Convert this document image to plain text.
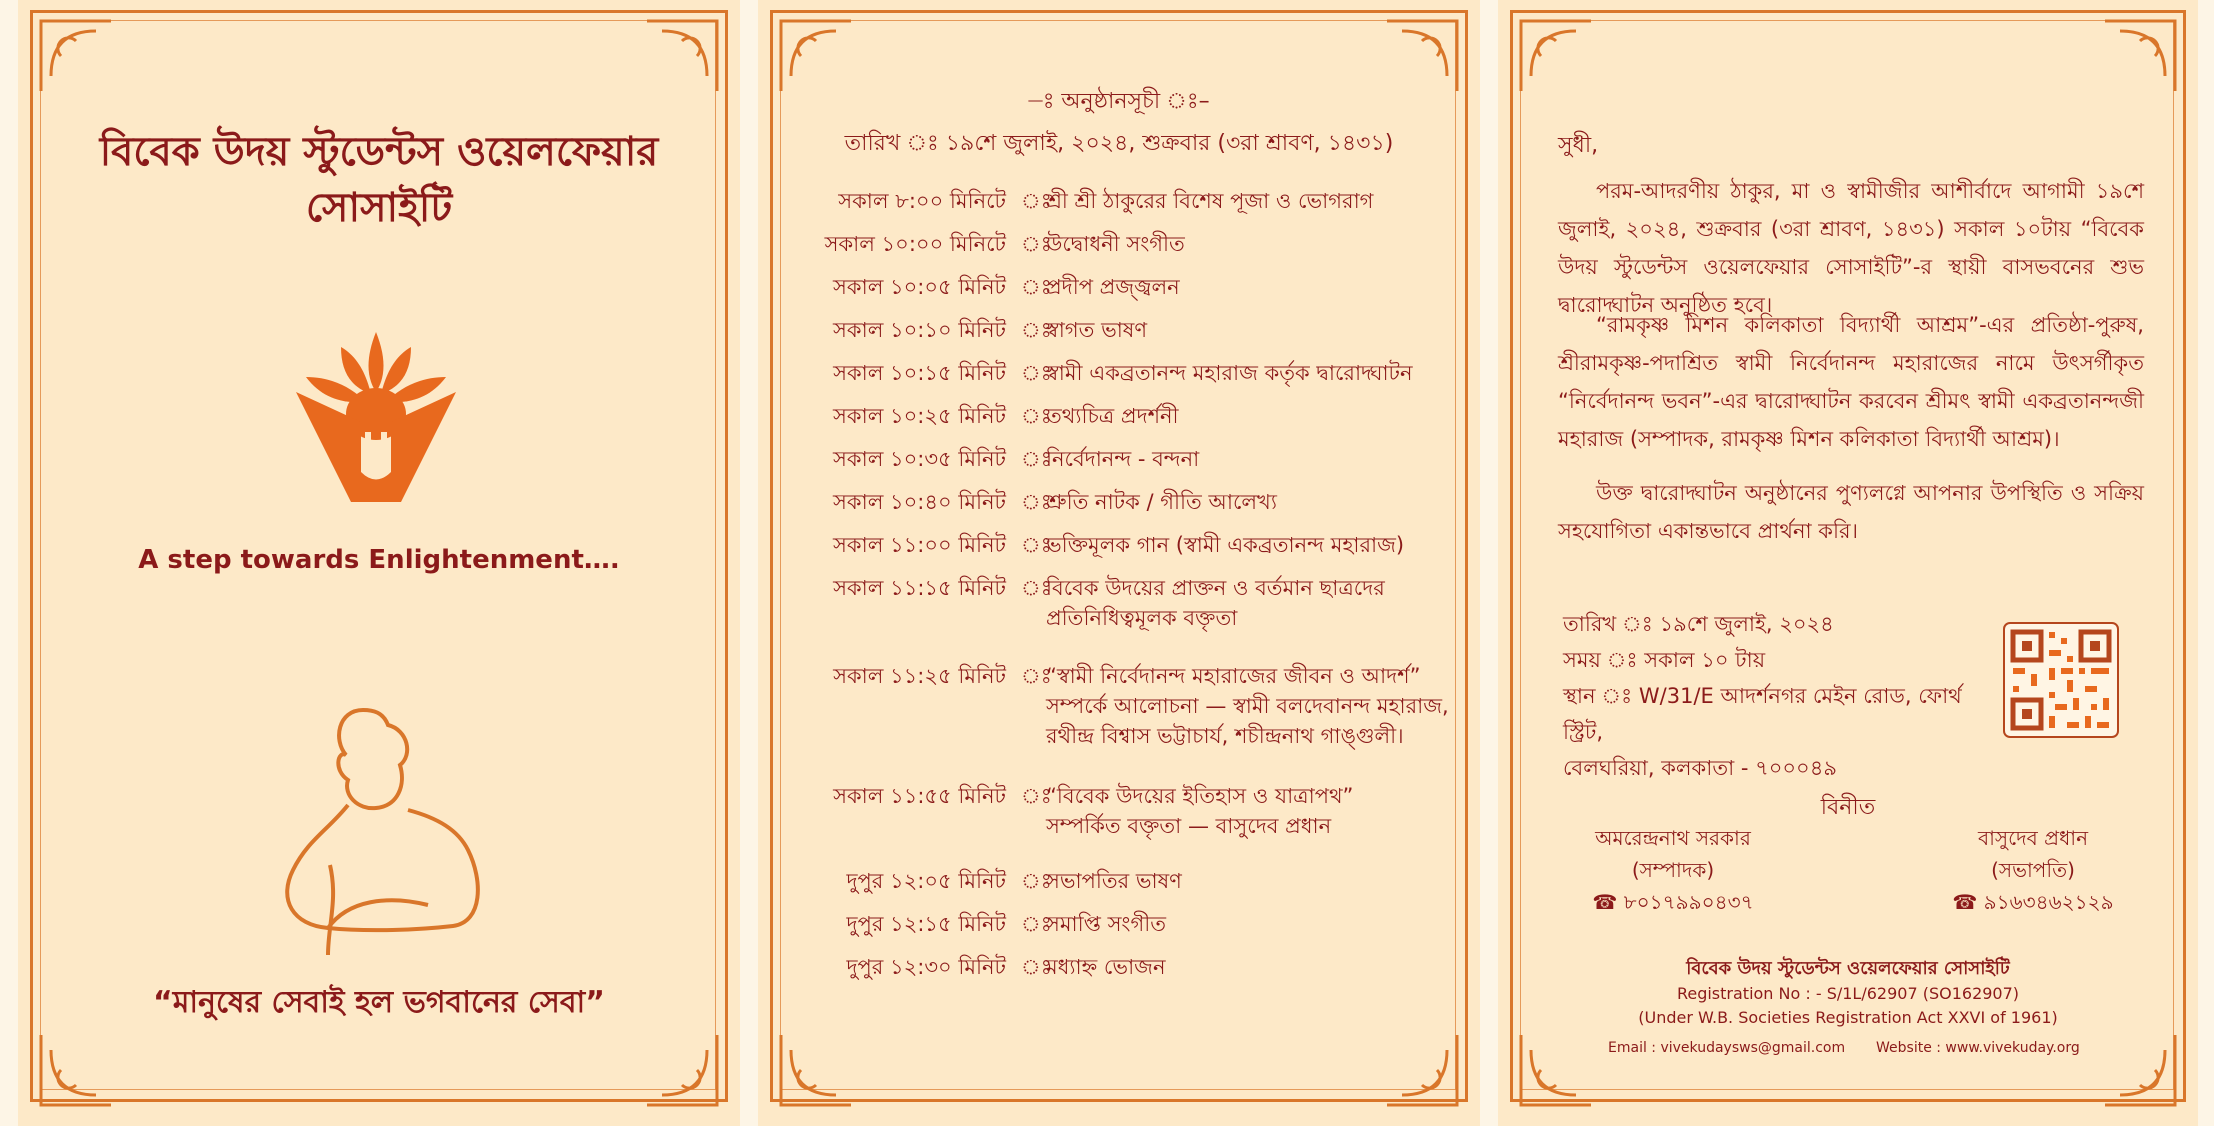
বিবেক উদয় স্টুডেন্টস ওয়েলফেয়ার
সোসাইটি
A step towards Enlightenment….
“মানুষের সেবাই হল ভগবানের সেবা”
–ঃ অনুষ্ঠানসূচী ঃ–
তারিখ ঃ ১৯শে জুলাই, ২০২৪, শুক্রবার (৩রা শ্রাবণ, ১৪৩১)
সকাল ৮:০০ মিনিটে ঃ
শ্রী শ্রী ঠাকুরের বিশেষ পূজা ও ভোগরাগ
সকাল ১০:০০ মিনিটে ঃ
উদ্বোধনী সংগীত
সকাল ১০:০৫ মিনিট ঃ
প্রদীপ প্রজ্জ্বলন
সকাল ১০:১০ মিনিট ঃ
স্বাগত ভাষণ
সকাল ১০:১৫ মিনিট ঃ
স্বামী একব্রতানন্দ মহারাজ কর্তৃক দ্বারোদ্ঘাটন
সকাল ১০:২৫ মিনিট ঃ
তথ্যচিত্র প্রদর্শনী
সকাল ১০:৩৫ মিনিট ঃ
নির্বেদানন্দ - বন্দনা
সকাল ১০:৪০ মিনিট ঃ
শ্রুতি নাটক / গীতি আলেখ্য
সকাল ১১:০০ মিনিট ঃ
ভক্তিমূলক গান (স্বামী একব্রতানন্দ মহারাজ)
সকাল ১১:১৫ মিনিট ঃ
বিবেক উদয়ের প্রাক্তন ও বর্তমান ছাত্রদের
প্রতিনিধিত্বমূলক বক্তৃতা
সকাল ১১:২৫ মিনিট ঃ
“স্বামী নির্বেদানন্দ মহারাজের জীবন ও আদর্শ”
সম্পর্কে আলোচনা — স্বামী বলদেবানন্দ মহারাজ,
রথীন্দ্র বিশ্বাস ভট্টাচার্য, শচীন্দ্রনাথ গাঙ্গুলী।
সকাল ১১:৫৫ মিনিট ঃ
“বিবেক উদয়ের ইতিহাস ও যাত্রাপথ”
সম্পর্কিত বক্তৃতা — বাসুদেব প্রধান
দুপুর ১২:০৫ মিনিট ঃ
সভাপতির ভাষণ
দুপুর ১২:১৫ মিনিট ঃ
সমাপ্তি সংগীত
দুপুর ১২:৩০ মিনিট ঃ
মধ্যাহ্ন ভোজন
সুধী,
পরম-আদরণীয় ঠাকুর, মা ও স্বামীজীর আশীর্বাদে আগামী ১৯শে জুলাই, ২০২৪, শুক্রবার (৩রা শ্রাবণ, ১৪৩১) সকাল ১০টায় “বিবেক উদয় স্টুডেন্টস ওয়েলফেয়ার সোসাইটি”-র স্থায়ী বাসভবনের শুভ দ্বারোদ্ঘাটন অনুষ্ঠিত হবে।
“রামকৃষ্ণ মিশন কলিকাতা বিদ্যার্থী আশ্রম”-এর প্রতিষ্ঠা-পুরুষ, শ্রীরামকৃষ্ণ-পদাশ্রিত স্বামী নির্বেদানন্দ মহারাজের নামে উৎসর্গীকৃত “নির্বেদানন্দ ভবন”-এর দ্বারোদ্ঘাটন করবেন শ্রীমৎ স্বামী একব্রতানন্দজী মহারাজ (সম্পাদক, রামকৃষ্ণ মিশন কলিকাতা বিদ্যার্থী আশ্রম)।
উক্ত দ্বারোদ্ঘাটন অনুষ্ঠানের পুণ্যলগ্নে আপনার উপস্থিতি ও সক্রিয় সহযোগিতা একান্তভাবে প্রার্থনা করি।
তারিখ ঃ ১৯শে জুলাই, ২০২৪
সময় ঃ সকাল ১০ টায়
স্থান ঃ W/31/E আদর্শনগর মেইন রোড, ফোর্থ স্ট্রিট,
বেলঘরিয়া, কলকাতা - ৭০০০৪৯
বিনীত
অমরেন্দ্রনাথ সরকার
(সম্পাদক)
☎ ৮০১৭৯৯০৪৩৭
বাসুদেব প্রধান
(সভাপতি)
☎ ৯১৬৩৪৬২১২৯
বিবেক উদয় স্টুডেন্টস ওয়েলফেয়ার সোসাইটি
Registration No : - S/1L/62907 (SO162907)
(Under W.B. Societies Registration Act XXVI of 1961)
Email : vivekudaysws@gmail.com Website : www.vivekuday.org
